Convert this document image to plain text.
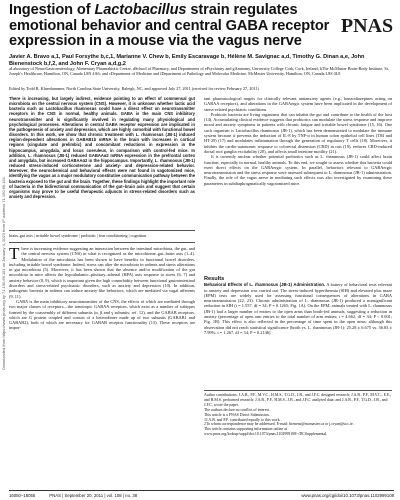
Ingestion of Lactobacillus strain regulates emotional behavior and central GABA receptor expression in a mouse via the vagus nerve
PNAS
Javier A. Bravo a,1, Paul Forsythe b,c,1, Marianne V. Chew b, Emily Escaravage b, Hélène M. Savignac a,d, Timothy G. Dinan a,e, John Bienenstock b,f,2, and John F. Cryan a,d,g,2
aLaboratory of NeuroGastroenterology, Alimentary Pharmabiotic Centre, dSchool of Pharmacy, and Departments of ePsychiatry and gAnatomy, University College Cork, Cork, Ireland; bThe McMaster Brain-Body Institute, St. Joseph's Healthcare, Hamilton, ON, Canada L8N 4A6; and cDepartment of Medicine and fDepartment of Pathology and Molecular Medicine, McMaster University, Hamilton, ON, Canada L8S 4L8
Edited by Todd R. Klaenhammer, North Carolina State University, Raleigh, NC, and approved July 27, 2011 (received for review February 27, 2011)
There is increasing, but largely indirect, evidence pointing to an effect of commensal gut microbiota on the central nervous system (CNS). However, it is unknown whether lactic acid bacteria such as Lactobacillus rhamnosus could have a direct effect on neurotransmitter receptors in the CNS in normal, healthy animals. GABA is the main CNS inhibitory neurotransmitter and is significantly involved in regulating many physiological and psychological processes. Alterations in central GABA receptor expression are implicated in the pathogenesis of anxiety and depression, which are highly comorbid with functional bowel disorders. In this work, we show that chronic treatment with L. rhamnosus (JB-1) induced region-dependent alterations in GABAB1b mRNA in the brain with increases in cortical regions (cingulate and prelimbic) and concomitant reductions in expression in the hippocampus, amygdala, and locus coeruleus, in comparison with control-fed mice. In addition, L. rhamnosus (JB-1) reduced GABAAα2 mRNA expression in the prefrontal cortex and amygdala, but increased GABAAα2 in the hippocampus. Importantly, L. rhamnosus (JB-1) reduced stress-induced corticosterone and anxiety- and depression-related behavior. Moreover, the neurochemical and behavioral effects were not found in vagotomized mice, identifying the vagus as a major modulatory constitutive communication pathway between the bacteria exposed to the gut and the brain. Together, these findings highlight the important role of bacteria in the bidirectional communication of the gut–brain axis and suggest that certain organisms may prove to be useful therapeutic adjuncts in stress-related disorders such as anxiety and depression.
brain–gut axis | irritable bowel syndrome | probiotic | fear conditioning | cognition
T here is increasing evidence suggesting an interaction between the intestinal microbiota, the gut, and the central nervous system (CNS) in what is recognized as the microbiome–gut–brain axis (1–4). Modulation of the microbiota has been shown to have benefits in functional bowel disorders, including irritable bowel syndrome. Indeed, stress can alter the microbiota in rodents and stress alterations in gut microbiota (5). Moreover, it has been shown that the absence and/or modification of the gut microbiota in mice affects the hypothalamic–pituitary–adrenal (HPA) axis response to stress (6, 7) and anxiety behavior (8, 9), which is important given the high comorbidity between functional gastrointestinal disorders and stress-related psychiatric disorders, such as anxiety and depression (10). In addition, pathogenic bacteria in rodents can induce anxiety-like behaviors, which are mediated via vagal afferents (9, 11).

GABA is the main inhibitory neurotransmitter of the CNS, the effects of which are mediated through two major classes of receptors—the ionotropic GABAA receptors, which exist as a number of subtypes formed by the coassembly of different subunits (α, β and γ subunits; ref. 12), and the GABAB receptors, which are G protein coupled and consist of a heterodimer made up of two subunits (GABAB1 and GABAB2), both of which are necessary for GABAB receptor functionality (13). These receptors are impor-

tant pharmacological targets for clinically relevant antianxiety agents (e.g., benzodiazepines acting on GABAA receptors), and alterations in the GABAergic system have been implicated in the development of stress-related psychiatric conditions.

Probiotic bacteria are living organisms that can inhabit the gut and contribute to the health of the host (14). Accumulating clinical evidence suggests that probiotics can modulate the stress response and improve mood and anxiety symptoms in patients with chronic fatigue and irritable bowel syndrome (15, 16). One such organism is Lactobacillus rhamnosus (JB-1), which has been demonstrated to modulate the immune system because it prevents the induction of IL-8 by TNF-α in human colon epithelial cell lines (T84 and HT-29) (17) and modulates inflammation through the generation of regulatory T cells (18). Moreover, it inhibits the cardio-autonomic response to colorectal distension (CRD) in rats (19), reduces CRD-induced dorsal root ganglia excitability (20), and affects small intestine motility (21).

It is currently unclear whether potential probiotics such as L. rhamnosus (JB-1) could affect brain function, especially in normal, healthy animals. To this end, we sought to assess whether this bacteria could exert direct effects on the GABAergic system. In parallel, behaviors relevant to GABAergic neurotransmission and the stress response were assessed subsequent to L. rhamnosus (JB-1) administration. Finally, the role of the vagus nerve in mediating such effects was also investigated by examining these parameters in subdiaphragmatically vagotomized mice.

Results

Behavioral Effects of L. rhamnosus (JB-1) Administration. A battery of behavioral tests relevant to anxiety and depression was carried out. The stress-induced hyperthermia (SIH) and elevated plus maze (EPM) tests are widely used for assessing functional consequences of alterations in GABA neurotransmission (22, 23). Chronic administration of L. rhamnosus (JB-1) produced a nonsignificant reduction in SIH (t = 1.557, df = 34; P = 0.1265; Fig. 1A). On the EPM, animals treated with L. rhamnosus (JB-1) had a larger number of entries to the open arms than broth-fed animals, suggesting a reduction in anxiety (percentage of open arm entries to the total number of arm entries; t = 4.662, df = 34; P < 0.001; Fig. 1B). This effect is also reflected in the percentage of time spent in the open arms, although this observation did not reach statistical significance [broth vs. L. rhamnosus (JB-1): 25.28 ± 6.675 vs. 36.83 ± 7.99%; t = 1.267, df = 34; P = 0.2146].

Author contributions: J.A.B., P.F., M.V.C., H.M.S., T.G.D., J.B., and J.F.C. designed research; J.A.B., P.F., M.V.C., E.E., and H.M.S. performed research; J.A.B., P.F., H.M.S., J.B., and J.F.C. analyzed data; and J.A.B., P.F., T.G.D., J.B., and J.F.C. wrote the paper.

The authors declare no conflict of interest.

This article is a PNAS Direct Submission.

1J.A.B. and P.F. contributed equally to this work.

2To whom correspondence may be addressed. E-mail: bienens@mcmaster.ca or j.cryan@ucc.ie.

This article contains supporting information online at www.pnas.org/lookup/suppl/doi:10.1073/pnas.1102999108/-/DCSupplemental.

Downloaded from https://www.pnas.org by 71.190.66.151 on January 4, 2023 from IP address 71.190.66.151.
16050–16055	PNAS | September 20, 2011 | vol. 108 | no. 38	www.pnas.org/cgi/doi/10.1073/pnas.1102999108
